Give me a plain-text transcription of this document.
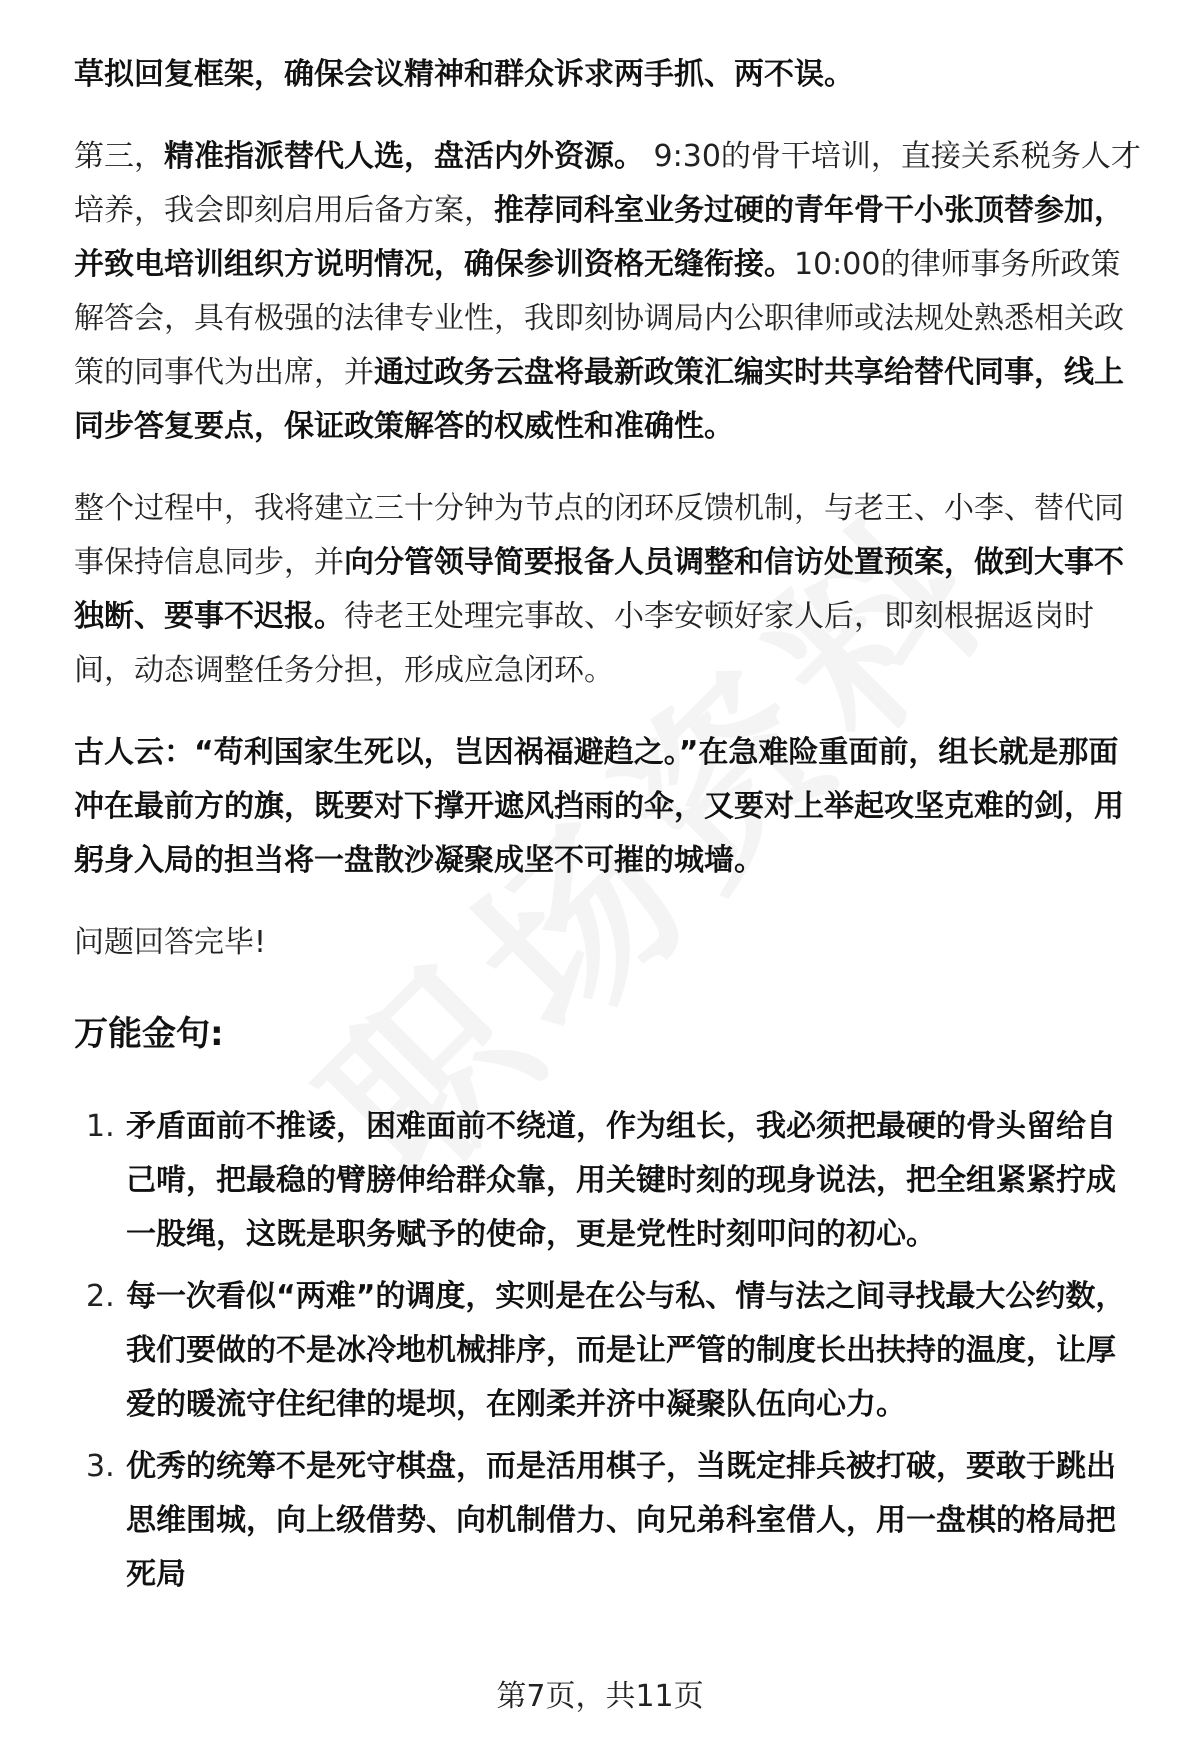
草拟回复框架，确保会议精神和群众诉求两手抓、两不误。

第三，精准指派替代人选，盘活内外资源。 9:30的骨干培训，直接关系税务人才培养，我会即刻启用后备方案，推荐同科室业务过硬的青年骨干小张顶替参加，并致电培训组织方说明情况，确保参训资格无缝衔接。10:00的律师事务所政策解答会，具有极强的法律专业性，我即刻协调局内公职律师或法规处熟悉相关政策的同事代为出席，并通过政务云盘将最新政策汇编实时共享给替代同事，线上同步答复要点，保证政策解答的权威性和准确性。

整个过程中，我将建立三十分钟为节点的闭环反馈机制，与老王、小李、替代同事保持信息同步，并向分管领导简要报备人员调整和信访处置预案，做到大事不独断、要事不迟报。待老王处理完事故、小李安顿好家人后，即刻根据返岗时间，动态调整任务分担，形成应急闭环。

古人云：“苟利国家生死以，岂因祸福避趋之。”在急难险重面前，组长就是那面冲在最前方的旗，既要对下撑开遮风挡雨的伞，又要对上举起攻坚克难的剑，用躬身入局的担当将一盘散沙凝聚成坚不可摧的城墙。

问题回答完毕!

万能金句:
1. 矛盾面前不推诿，困难面前不绕道，作为组长，我必须把最硬的骨头留给自己啃，把最稳的臂膀伸给群众靠，用关键时刻的现身说法，把全组紧紧拧成一股绳，这既是职务赋予的使命，更是党性时刻叩问的初心。
2. 每一次看似“两难”的调度，实则是在公与私、情与法之间寻找最大公约数，我们要做的不是冰冷地机械排序，而是让严管的制度长出扶持的温度，让厚爱的暖流守住纪律的堤坝，在刚柔并济中凝聚队伍向心力。
3. 优秀的统筹不是死守棋盘，而是活用棋子，当既定排兵被打破，要敢于跳出思维围城，向上级借势、向机制借力、向兄弟科室借人，用一盘棋的格局把死局
第7页，共11页
